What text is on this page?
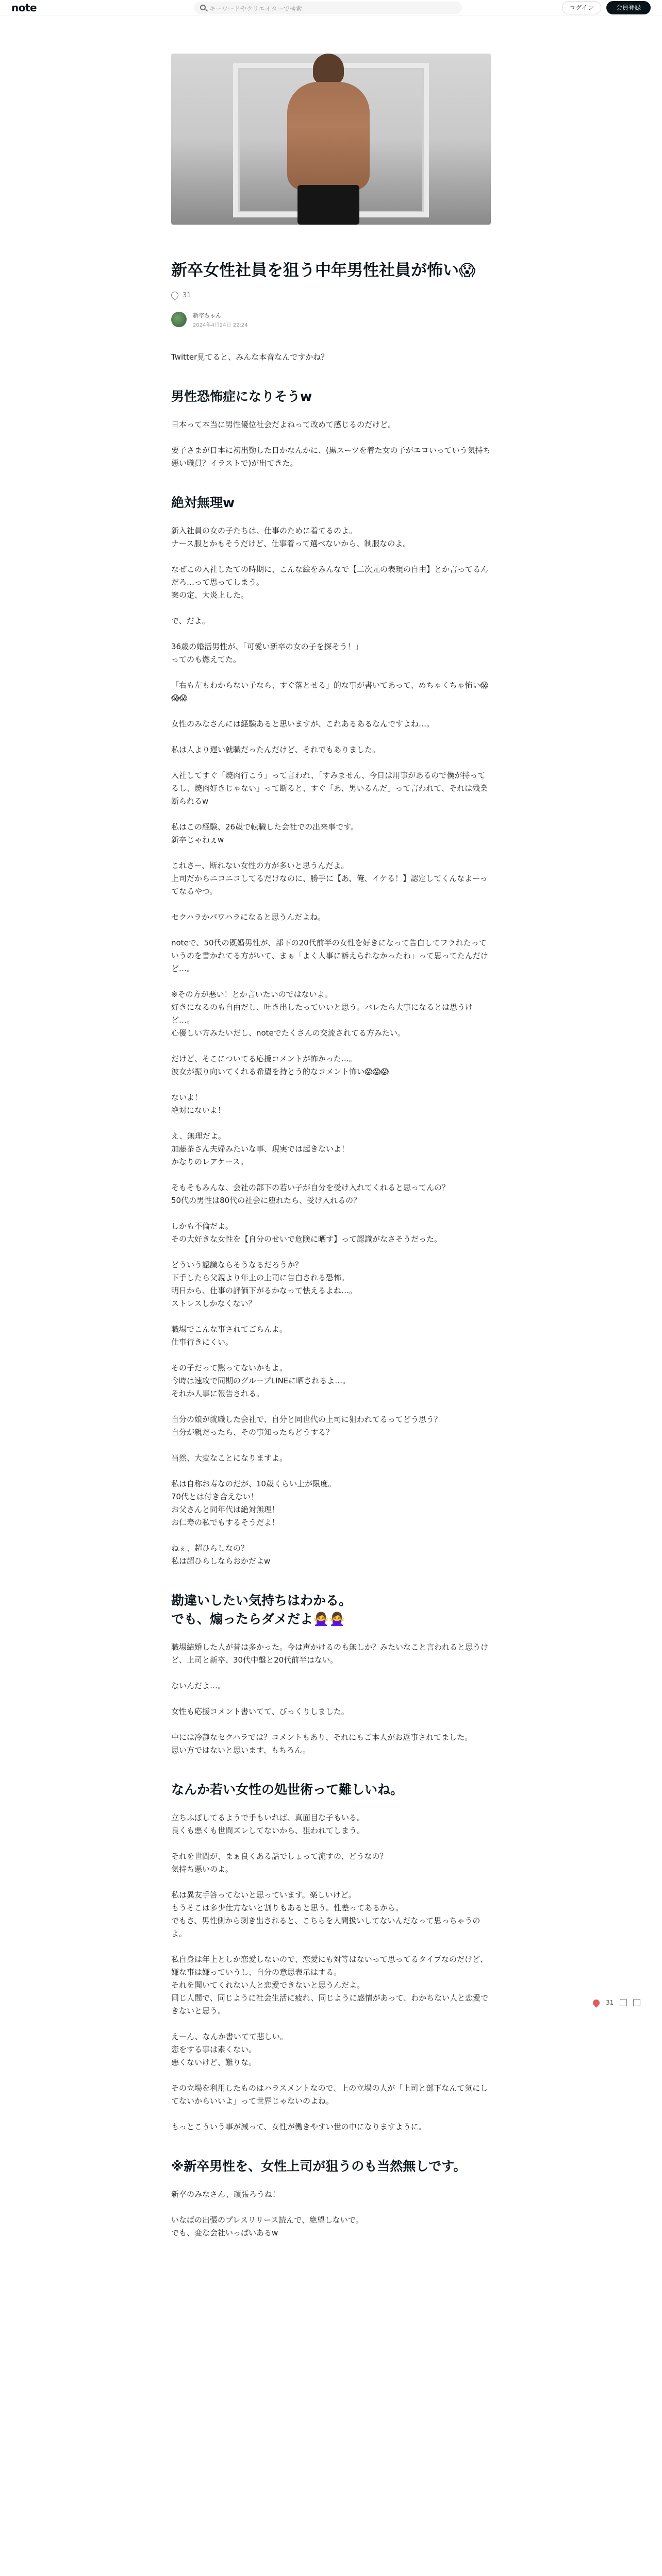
note	キーワードやクリエイターで検索	ログイン	会員登録
新卒女性社員を狙う中年男性社員が怖い😱
31
新卒ちゃん
2024年4月24日 22:24

Twitter見てると、みんな本音なんですかね？

男性恐怖症になりそうw

日本って本当に男性優位社会だよねって改めて感じるのだけど。

要子さまが日本に初出勤した日かなんかに、(黒スーツを着た女の子がエロいっていう気持ち悪い職員？イラストで)が出てきた。

絶対無理w

新入社員の女の子たちは、仕事のために着てるのよ。
ナース服とかもそうだけど、仕事着って選べないから、制服なのよ。

なぜこの入社したての時期に、こんな絵をみんなで【二次元の表現の自由】とか言ってるんだろ…って思ってしまう。
案の定、大炎上した。

で、だよ。

36歳の婚活男性が、「可愛い新卒の女の子を探そう！」
ってのも燃えてた。

「右も左もわからない子なら、すぐ落とせる」的な事が書いてあって、めちゃくちゃ怖い😱😱😱

女性のみなさんには経験あると思いますが、これあるあるなんですよね…。

私は人より遅い就職だったんだけど、それでもありました。

入社してすぐ「焼肉行こう」って言われ、「すみません、今日は用事があるので僕が持ってるし、焼肉好きじゃない」って断ると、すぐ「あ、男いるんだ」って言われて、それは残業断られるw

私はこの経験、26歳で転職した会社での出来事です。
新卒じゃねぇw

これさー、断れない女性の方が多いと思うんだよ。
上司だからニコニコしてるだけなのに、勝手に【あ、俺、イケる！】認定してくんなよーってなるやつ。

セクハラかパワハラになると思うんだよね。

noteで、50代の既婚男性が、部下の20代前半の女性を好きになって告白してフラれたっていうのを書かれてる方がいて、まぁ「よく人事に訴えられなかったね」って思ってたんだけど…。

※その方が悪い！とか言いたいのではないよ。
好きになるのも自由だし、吐き出したっていいと思う。バレたら大事になるとは思うけど…。
心優しい方みたいだし、noteでたくさんの交流されてる方みたい。

だけど、そこについてる応援コメントが怖かった…。
彼女が振り向いてくれる希望を持とう的なコメント怖い😱😱😱

ないよ！
絶対にないよ！

え、無理だよ。
加藤茶さん夫婦みたいな事、現実では起きないよ！
かなりのレアケース。

そもそもみんな、会社の部下の若い子が自分を受け入れてくれると思ってんの？
50代の男性は80代の社会に堕れたら、受け入れるの？

しかも不倫だよ。
その大好きな女性を【自分のせいで危険に晒す】って認識がなさそうだった。

どういう認識ならそうなるだろうか？
下手したら父親より年上の上司に告白される恐怖。
明日から、仕事の評価下がるかなって怯えるよね…。
ストレスしかなくない？

職場でこんな事されてごらんよ。
仕事行きにくい。

その子だって黙ってないかもよ。
今時は速攻で同期のグループLINEに晒されるよ…。
それか人事に報告される。

自分の娘が就職した会社で、自分と同世代の上司に狙われてるってどう思う？
自分が親だったら、その事知ったらどうする？

当然、大変なことになりますよ。

私は自称お寿なのだが、10歳くらい上が限度。
70代とは付き合えない！
お父さんと同年代は絶対無理！
お仁寿の私でもするそうだよ！

ねぇ、超ひらしなの？
私は超ひらしならおかだよw

勘違いしたい気持ちはわかる。
でも、煽ったらダメだよ🙅‍♀️🙅‍♀️

職場結婚した人が昔は多かった。今は声かけるのも無しか？みたいなこと言われると思うけど、上司と新卒、30代中盤と20代前半はない。

ないんだよ…。

女性も応援コメント書いてて、びっくりしました。

中には冷静なセクハラでは？コメントもあり、それにもご本人がお返事されてました。
思い方ではないと思います、もちろん。

なんか若い女性の処世術って難しいね。

立ちふぼしてるようで手もいれば、真面目な子もいる。
良くも悪くも世間ズレしてないから、狙われてしまう。

それを世間が、まぁ良くある話でしょって流すの、どうなの？
気持ち悪いのよ。

私は異友手答ってないと思っています。楽しいけど。
もうそこは多少仕方ないと割りもあると思う。性差ってあるから。
でもさ、男性側から剥き出されると、こちらを人間扱いしてないんだなって思っちゃうのよ。

私自身は年上としか恋愛しないので、恋愛にも対等はないって思ってるタイプなのだけど、嫌な事は嫌っていうし、自分の意思表示はする。
それを聞いてくれない人と恋愛できないと思うんだよ。
同じ人間で、同じように社会生活に疲れ、同じように感情があって、わかちない人と恋愛できないと思う。

えーん、なんか書いてて悲しい。
恋をする事は素くない。
悪くないけど、難りな。

その立場を利用したものはハラスメントなので、上の立場の人が「上司と部下なんて気にしてないからいいよ」って世界じゃないのよね。

もっとこういう事が減って、女性が働きやすい世の中になりますように。

※新卒男性を、女性上司が狙うのも当然無しです。

新卒のみなさん、頑張ろうね！

いなばの出張のプレスリリース読んで、絶望しないで。
でも、変な会社いっぱいあるw

31
